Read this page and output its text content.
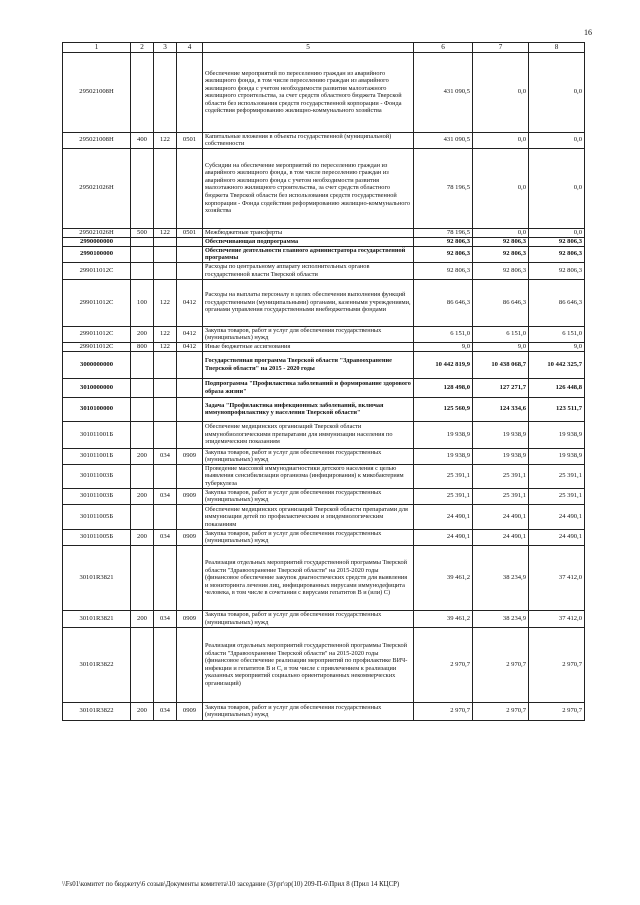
16
1	2	3	4	5	6	7	8
295021008Н				Обеспечение мероприятий по переселению граждан из аварийного жилищного фонда, в том числе переселению граждан из аварийного жилищного фонда с учетом необходимости развития малоэтажного жилищного строительства, за счет средств областного бюджета Тверской области без использования средств государственной корпорации - Фонда содействия реформированию жилищно-коммунального хозяйства	431 090,5	0,0	0,0
295021008Н	400	122	0501	Капитальные вложения в объекты государственной (муниципальной) собственности	431 090,5	0,0	0,0
295021026Н				Субсидии на обеспечение мероприятий по переселению граждан из аварийного жилищного фонда, в том числе переселению граждан из аварийного жилищного фонда с учетом необходимости развития малоэтажного жилищного строительства, за счет средств областного бюджета Тверской области без использования средств государственной корпорации - Фонда содействия реформированию жилищно-коммунального хозяйства	78 196,5	0,0	0,0
295021026Н	500	122	0501	Межбюджетные трансферты	78 196,5	0,0	0,0
2990000000				Обеспечивающая подпрограмма	92 806,3	92 806,3	92 806,3
2990100000				Обеспечение деятельности главного администратора государственной программы	92 806,3	92 806,3	92 806,3
299011012С				Расходы по центральному аппарату исполнительных органов государственной власти Тверской области	92 806,3	92 806,3	92 806,3
299011012С	100	122	0412	Расходы на выплаты персоналу в целях обеспечения выполнения функций государственными (муниципальными) органами, казенными учреждениями, органами управления государственными внебюджетными фондами	86 646,3	86 646,3	86 646,3
299011012С	200	122	0412	Закупка товаров, работ и услуг для обеспечения государственных (муниципальных) нужд	6 151,0	6 151,0	6 151,0
299011012С	800	122	0412	Иные бюджетные ассигнования	9,0	9,0	9,0
3000000000				Государственная программа Тверской области "Здравоохранение Тверской области" на 2015 - 2020 годы	10 442 819,9	10 438 068,7	10 442 325,7
3010000000				Подпрограмма "Профилактика заболеваний и формирование здорового образа жизни"	128 498,0	127 271,7	126 448,8
3010100000				Задача "Профилактика инфекционных заболеваний, включая иммунопрофилактику у населения Тверской области"	125 560,9	124 334,6	123 511,7
301011001Б				Обеспечение медицинских организаций Тверской области иммунобиологическими препаратами для иммунизации населения по эпидемическим показаниям	19 938,9	19 938,9	19 938,9
301011001Б	200	034	0909	Закупка товаров, работ и услуг для обеспечения государственных (муниципальных) нужд	19 938,9	19 938,9	19 938,9
301011003Б				Проведение массовой иммунодиагностики детского населения с целью выявления сенсибилизации организма (инфицирования) к микобактериям туберкулеза	25 391,1	25 391,1	25 391,1
301011003Б	200	034	0909	Закупка товаров, работ и услуг для обеспечения государственных (муниципальных) нужд	25 391,1	25 391,1	25 391,1
301011005Б				Обеспечение медицинских организаций Тверской области препаратами для иммунизации детей по профилактическим и эпидемиологическим показаниям	24 490,1	24 490,1	24 490,1
301011005Б	200	034	0909	Закупка товаров, работ и услуг для обеспечения государственных (муниципальных) нужд	24 490,1	24 490,1	24 490,1
30101R3821				Реализация отдельных мероприятий государственной программы Тверской области "Здравоохранение Тверской области" на 2015-2020 годы (финансовое обеспечение закупок диагностических средств для выявления и мониторинга лечения лиц, инфицированных вирусами иммунодефицита человека, в том числе в сочетании с вирусами гепатитов В и (или) С)	39 461,2	38 234,9	37 412,0
30101R3821	200	034	0909	Закупка товаров, работ и услуг для обеспечения государственных (муниципальных) нужд	39 461,2	38 234,9	37 412,0
30101R3822				Реализация отдельных мероприятий государственной программы Тверской области "Здравоохранение Тверской области" на 2015-2020 годы (финансовое обеспечение реализации мероприятий по профилактике ВИЧ-инфекции и гепатитов В и С, в том числе с привлечением к реализации указанных мероприятий социально ориентированных некоммерческих организаций)	2 970,7	2 970,7	2 970,7
30101R3822	200	034	0909	Закупка товаров, работ и услуг для обеспечения государственных (муниципальных) нужд	2 970,7	2 970,7	2 970,7
\\Fs01\комитет по бюджету\6 созыв\Документы комитета\10 заседание (3)\рг\зр(10) 209-П-6\Прил 8 (Прил 14 КЦСР)
